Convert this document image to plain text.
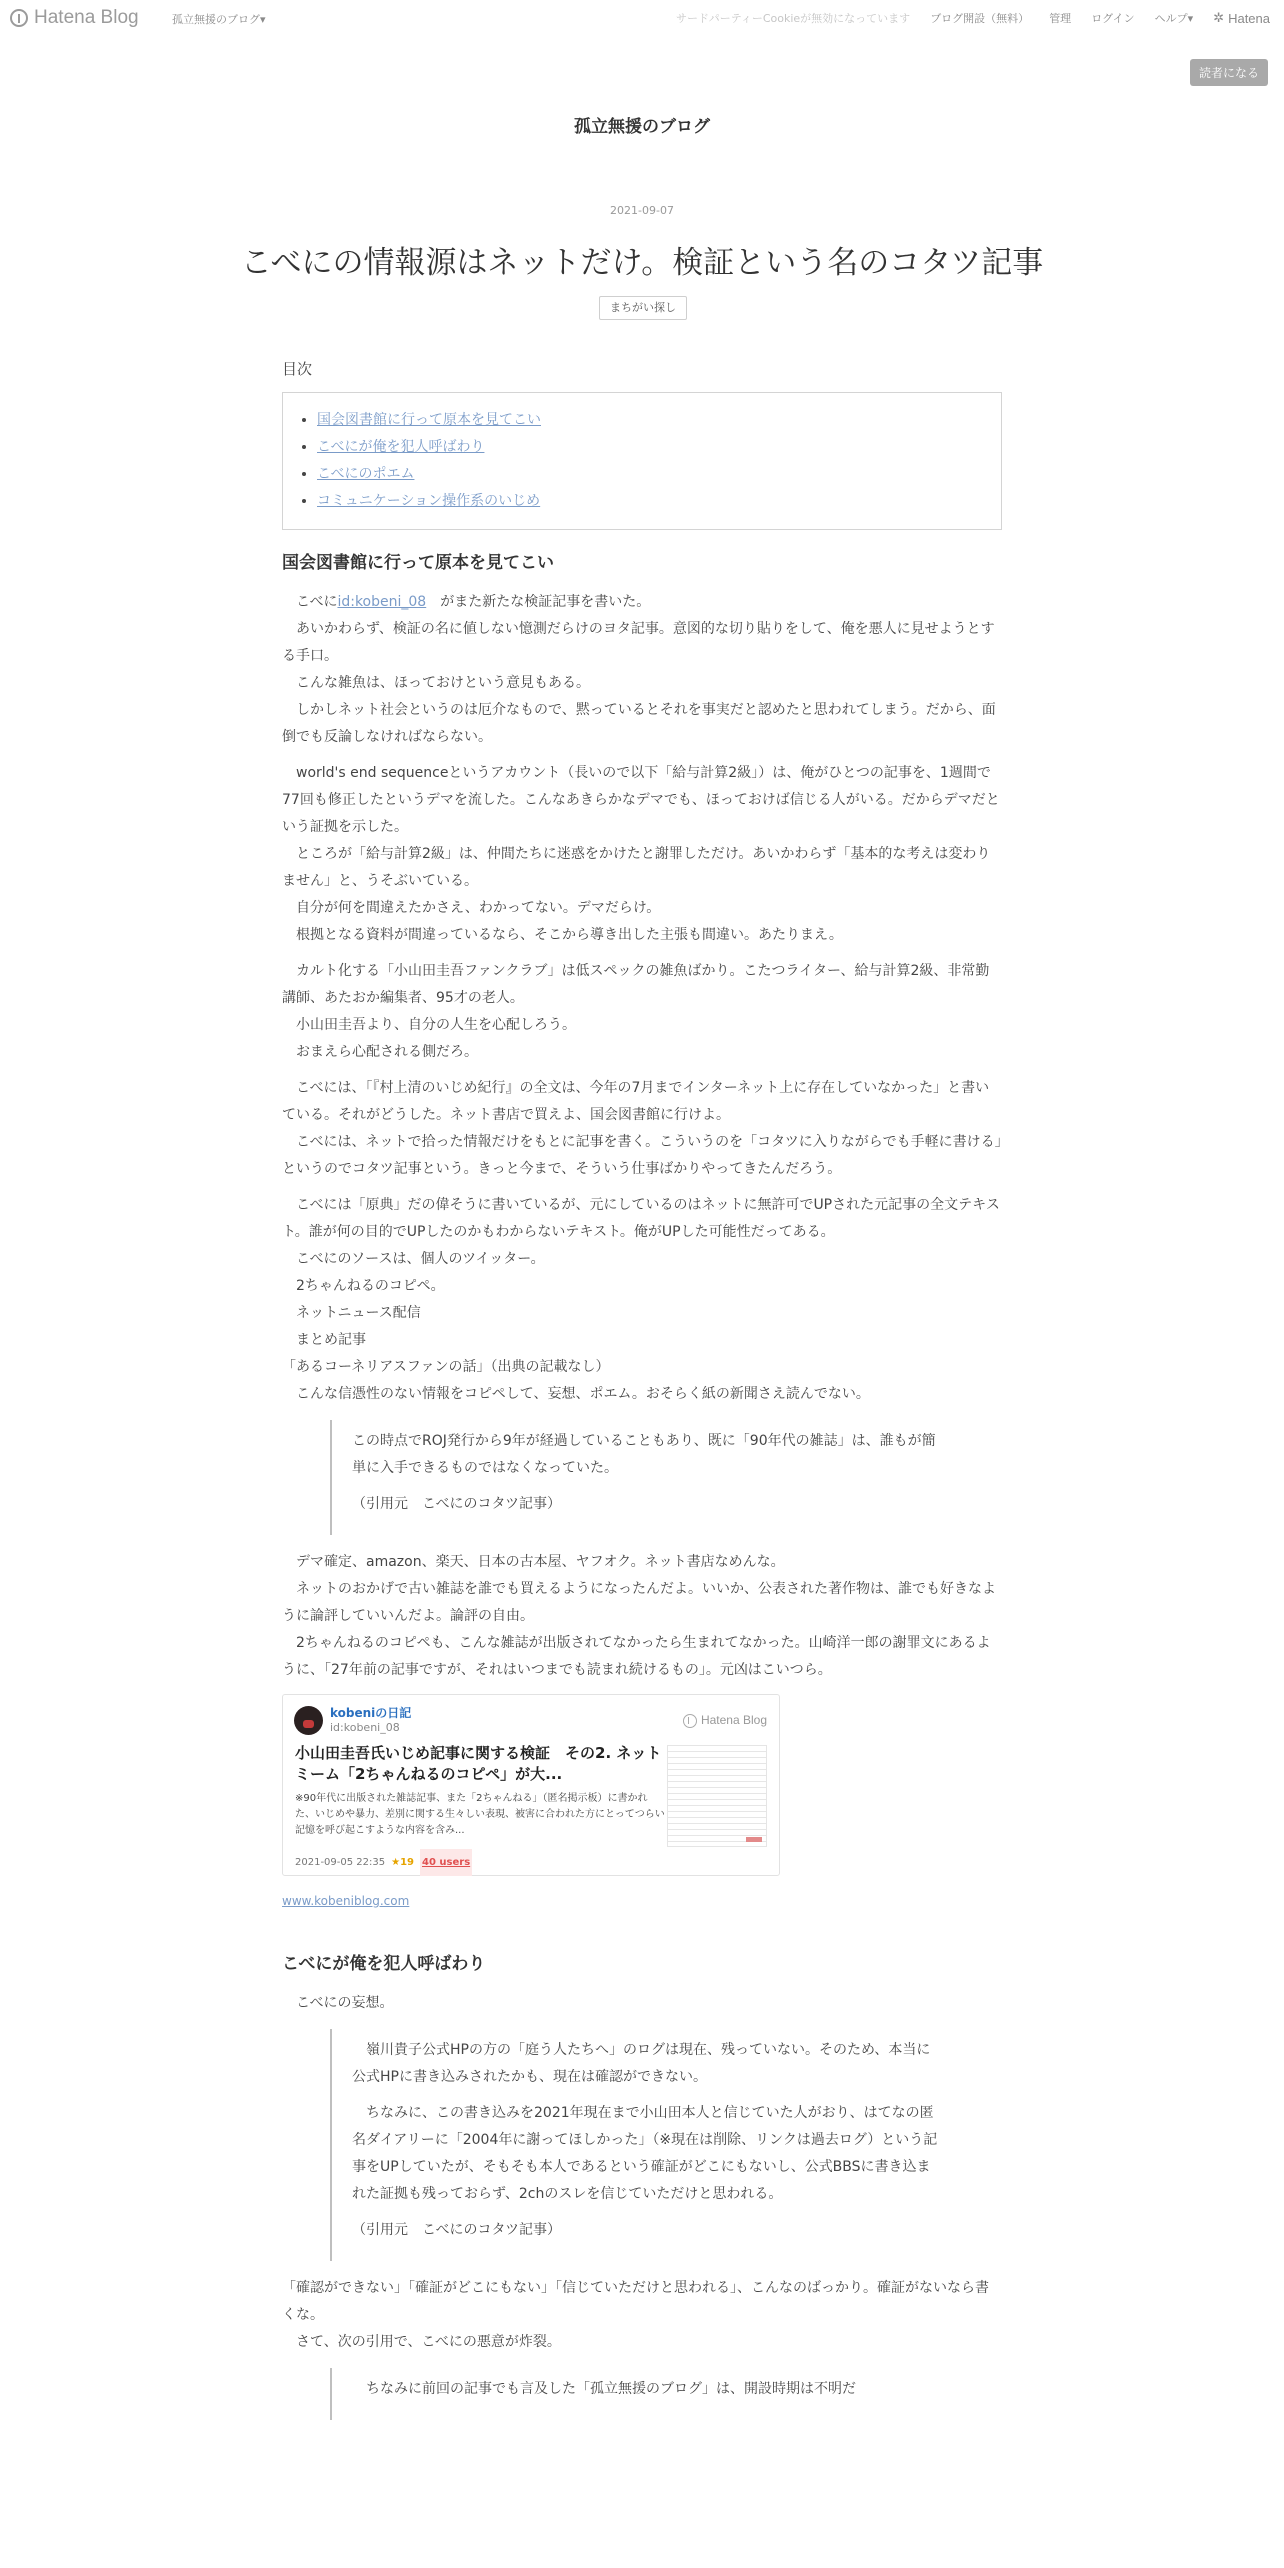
Hatena Blog	孤立無援のブログ▾	サードパーティーCookieが無効になっています ブログ開設（無料） 管理 ログイン ヘルプ▾ ✲ Hatena
読者になる
孤立無援のブログ
2021-09-07
こべにの情報源はネットだけ。検証という名のコタツ記事
まちがい探し

目次

• 国会図書館に行って原本を見てこい
• こべにが俺を犯人呼ばわり
• こべにのポエム
• コミュニケーション操作系のいじめ
国会図書館に行って原本を見てこい

　こべにid:kobeni_08　がまた新たな検証記事を書いた。
　あいかわらず、検証の名に値しない憶測だらけのヨタ記事。意図的な切り貼りをして、俺を悪人に見せようとする手口。
　こんな雑魚は、ほっておけという意見もある。
　しかしネット社会というのは厄介なもので、黙っているとそれを事実だと認めたと思われてしまう。だから、面倒でも反論しなければならない。

　world's end sequenceというアカウント（長いので以下「給与計算2級」）は、俺がひとつの記事を、1週間で77回も修正したというデマを流した。こんなあきらかなデマでも、ほっておけば信じる人がいる。だからデマだという証拠を示した。
　ところが「給与計算2級」は、仲間たちに迷惑をかけたと謝罪しただけ。あいかわらず「基本的な考えは変わりません」と、うそぶいている。
　自分が何を間違えたかさえ、わかってない。デマだらけ。
　根拠となる資料が間違っているなら、そこから導き出した主張も間違い。あたりまえ。

　カルト化する「小山田圭吾ファンクラブ」は低スペックの雑魚ばかり。こたつライター、給与計算2級、非常勤講師、あたおか編集者、95才の老人。
　小山田圭吾より、自分の人生を心配しろう。
　おまえら心配される側だろ。

　こべには、「『村上清のいじめ紀行』の全文は、今年の7月までインターネット上に存在していなかった」と書いている。それがどうした。ネット書店で買えよ、国会図書館に行けよ。
　こべには、ネットで拾った情報だけをもとに記事を書く。こういうのを「コタツに入りながらでも手軽に書ける」というのでコタツ記事という。きっと今まで、そういう仕事ばかりやってきたんだろう。

　こべには「原典」だの偉そうに書いているが、元にしているのはネットに無許可でUPされた元記事の全文テキスト。誰が何の目的でUPしたのかもわからないテキスト。俺がUPした可能性だってある。
　こべにのソースは、個人のツイッター。
　2ちゃんねるのコピペ。
　ネットニュース配信
　まとめ記事
「あるコーネリアスファンの話」（出典の記載なし）
　こんな信憑性のない情報をコピペして、妄想、ポエム。おそらく紙の新聞さえ読んでない。

この時点でROJ発行から9年が経過していることもあり、既に「90年代の雑誌」は、誰もが簡単に入手できるものではなくなっていた。

（引用元　こべにのコタツ記事）

　デマ確定、amazon、楽天、日本の古本屋、ヤフオク。ネット書店なめんな。
　ネットのおかげで古い雑誌を誰でも買えるようになったんだよ。いいか、公表された著作物は、誰でも好きなように論評していいんだよ。論評の自由。
　2ちゃんねるのコピペも、こんな雑誌が出版されてなかったら生まれてなかった。山崎洋一郎の謝罪文にあるように、「27年前の記事ですが、それはいつまでも読まれ続けるもの」。元凶はこいつら。

kobeniの日記
id:kobeni_08
Hatena Blog
小山田圭吾氏いじめ記事に関する検証　その2. ネットミーム「2ちゃんねるのコピペ」が大...
※90年代に出版された雑誌記事、また「2ちゃんねる」（匿名掲示板）に書かれた、いじめや暴力、差別に関する生々しい表現、被害に合われた方にとってつらい記憶を呼び起こすような内容を含み...
2021-09-05 22:35 ★19 40 users
www.kobeniblog.com
こべにが俺を犯人呼ばわり

　こべにの妄想。

　嶺川貴子公式HPの方の「庭う人たちへ」のログは現在、残っていない。そのため、本当に公式HPに書き込みされたかも、現在は確認ができない。

　ちなみに、この書き込みを2021年現在まで小山田本人と信じていた人がおり、はてなの匿名ダイアリーに「2004年に謝ってほしかった」（※現在は削除、リンクは過去ログ）という記事をUPしていたが、そもそも本人であるという確証がどこにもないし、公式BBSに書き込まれた証拠も残っておらず、2chのスレを信じていただけと思われる。

（引用元　こべにのコタツ記事）

「確認ができない」「確証がどこにもない」「信じていただけと思われる」、こんなのばっかり。確証がないなら書くな。
　さて、次の引用で、こべにの悪意が炸裂。

　ちなみに前回の記事でも言及した「孤立無援のブログ」は、開設時期は不明だ
